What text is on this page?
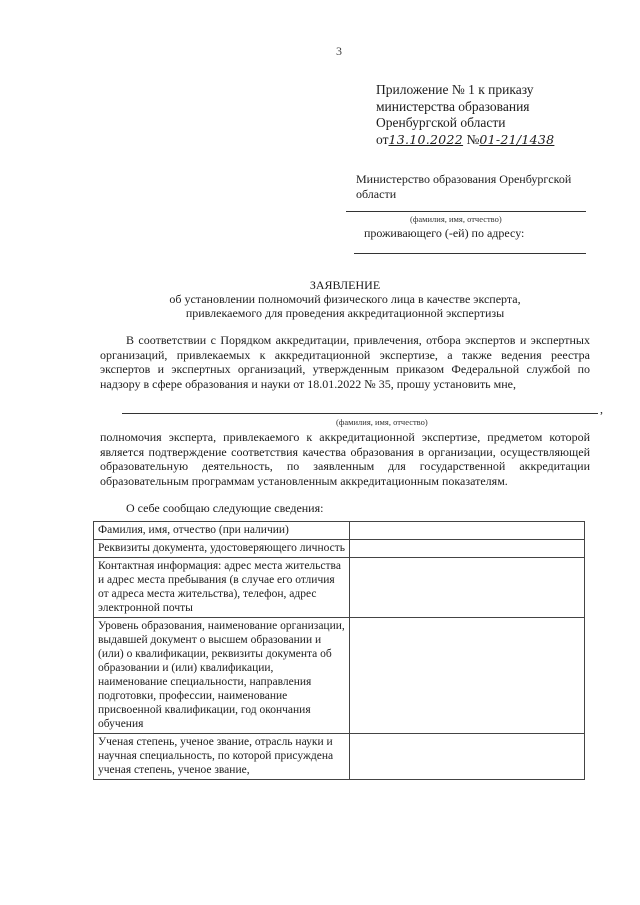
3
Приложение № 1 к приказу
министерства образования
Оренбургской области
от13.10.2022 №01-21/1438
Министерство образования Оренбургской области
(фамилия, имя, отчество)
проживающего (-ей) по адресу:
ЗАЯВЛЕНИЕ
об установлении полномочий физического лица в качестве эксперта,
привлекаемого для проведения аккредитационной экспертизы
В соответствии с Порядком аккредитации, привлечения, отбора экспертов и экспертных организаций, привлекаемых к аккредитационной экспертизе, а также ведения реестра экспертов и экспертных организаций, утвержденным приказом Федеральной службой по надзору в сфере образования и науки от 18.01.2022 № 35, прошу установить мне,
,
(фамилия, имя, отчество)
полномочия эксперта, привлекаемого к аккредитационной экспертизе, предметом которой является подтверждение соответствия качества образования в организации, осуществляющей образовательную деятельность, по заявленным для государственной аккредитации образовательным программам установленным аккредитационным показателям.
О себе сообщаю следующие сведения:
Фамилия, имя, отчество (при наличии)	
Реквизиты документа, удостоверяющего личность	
Контактная информация: адрес места жительства и адрес места пребывания (в случае его отличия от адреса места жительства), телефон, адрес электронной почты	
Уровень образования, наименование организации, выдавшей документ о высшем образовании и (или) о квалификации, реквизиты документа об образовании и (или) квалификации, наименование специальности, направления подготовки, профессии, наименование присвоенной квалификации, год окончания обучения	
Ученая степень, ученое звание, отрасль науки и научная специальность, по которой присуждена ученая степень, ученое звание,	
